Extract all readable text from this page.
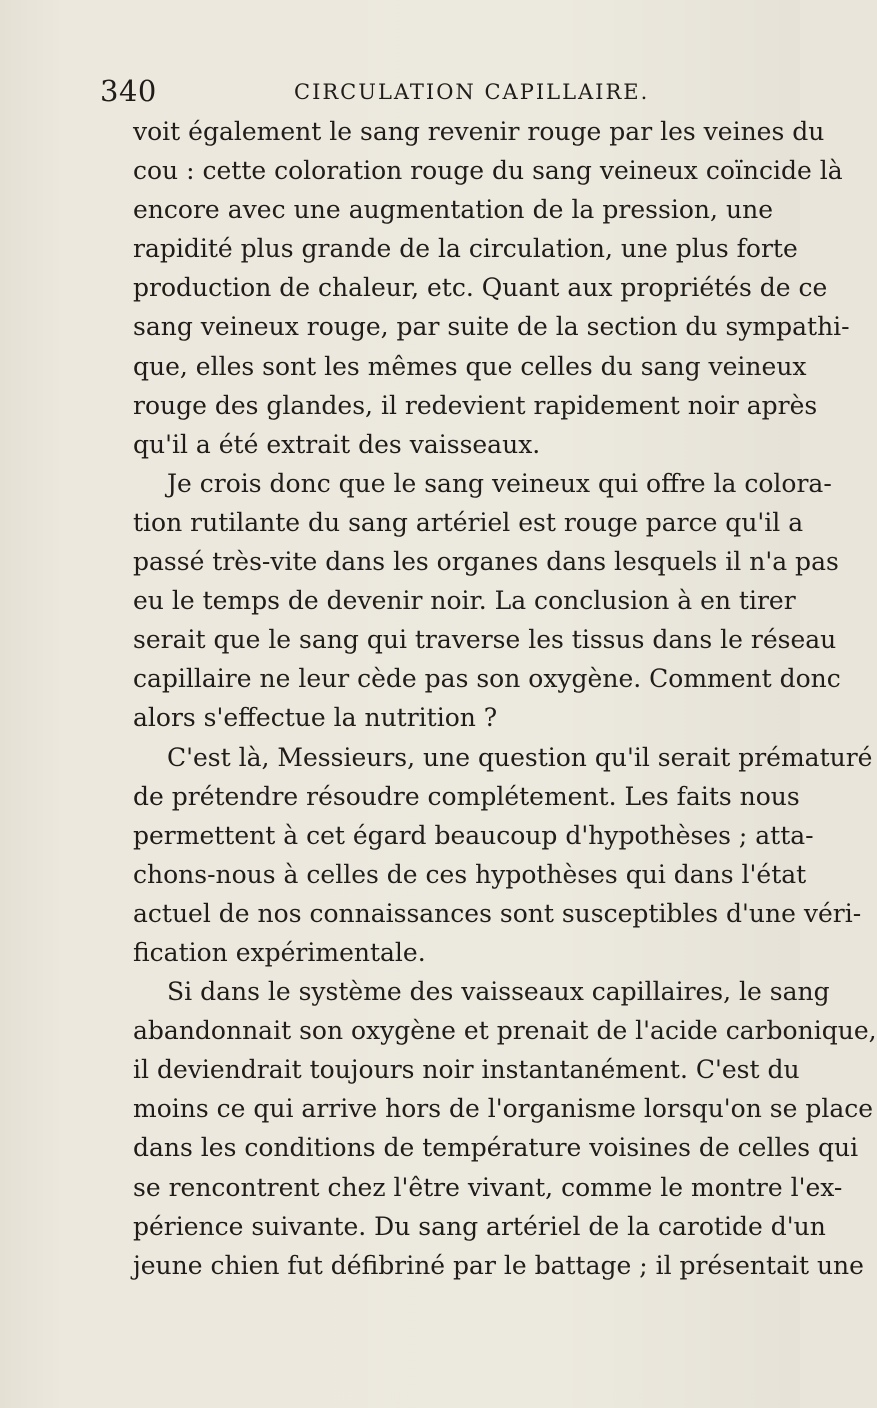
340	CIRCULATION CAPILLAIRE.
voit également le sang revenir rouge par les veines du
cou : cette coloration rouge du sang veineux coïncide là
encore avec une augmentation de la pression, une
rapidité plus grande de la circulation, une plus forte
production de chaleur, etc. Quant aux propriétés de ce
sang veineux rouge, par suite de la section du sympathi-
que, elles sont les mêmes que celles du sang veineux
rouge des glandes, il redevient rapidement noir après
qu'il a été extrait des vaisseaux.
Je crois donc que le sang veineux qui offre la colora-
tion rutilante du sang artériel est rouge parce qu'il a
passé très-vite dans les organes dans lesquels il n'a pas
eu le temps de devenir noir. La conclusion à en tirer
serait que le sang qui traverse les tissus dans le réseau
capillaire ne leur cède pas son oxygène. Comment donc
alors s'effectue la nutrition ?
C'est là, Messieurs, une question qu'il serait prématuré
de prétendre résoudre complétement. Les faits nous
permettent à cet égard beaucoup d'hypothèses ; atta-
chons-nous à celles de ces hypothèses qui dans l'état
actuel de nos connaissances sont susceptibles d'une véri-
fication expérimentale.
Si dans le système des vaisseaux capillaires, le sang
abandonnait son oxygène et prenait de l'acide carbonique,
il deviendrait toujours noir instantanément. C'est du
moins ce qui arrive hors de l'organisme lorsqu'on se place
dans les conditions de température voisines de celles qui
se rencontrent chez l'être vivant, comme le montre l'ex-
périence suivante. Du sang artériel de la carotide d'un
jeune chien fut défibriné par le battage ; il présentait une
